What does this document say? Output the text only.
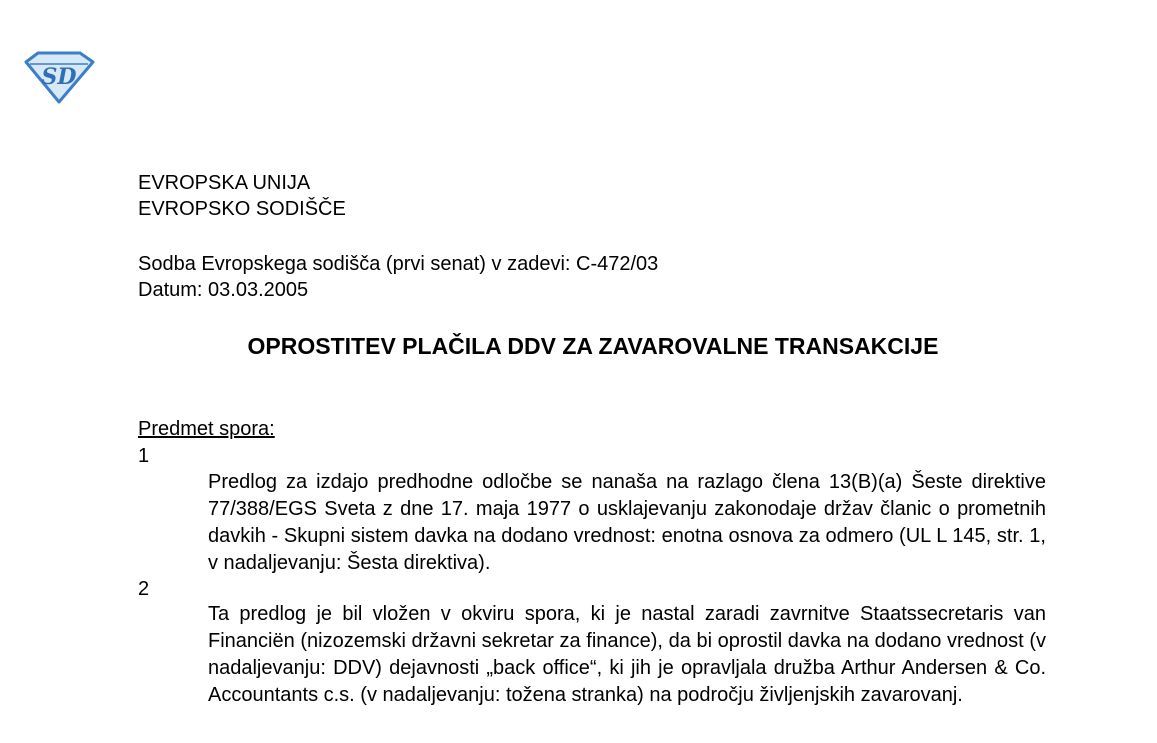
SD

EVROPSKA UNIJA

EVROPSKO SODIŠČE

Sodba Evropskega sodišča (prvi senat) v zadevi: C-472/03

Datum: 03.03.2005

OPROSTITEV PLAČILA DDV ZA ZAVAROVALNE TRANSAKCIJE

Predmet spora:

1

Predlog za izdajo predhodne odločbe se nanaša na razlago člena 13(B)(a) Šeste direktive 77/388/EGS Sveta z dne 17. maja 1977 o usklajevanju zakonodaje držav članic o prometnih davkih - Skupni sistem davka na dodano vrednost: enotna osnova za odmero (UL L 145, str. 1, v nadaljevanju: Šesta direktiva).

2

Ta predlog je bil vložen v okviru spora, ki je nastal zaradi zavrnitve Staatssecretaris van Financiën (nizozemski državni sekretar za finance), da bi oprostil davka na dodano vrednost (v nadaljevanju: DDV) dejavnosti „back office“, ki jih je opravljala družba Arthur Andersen & Co. Accountants c.s. (v nadaljevanju: tožena stranka) na področju življenjskih zavarovanj.
